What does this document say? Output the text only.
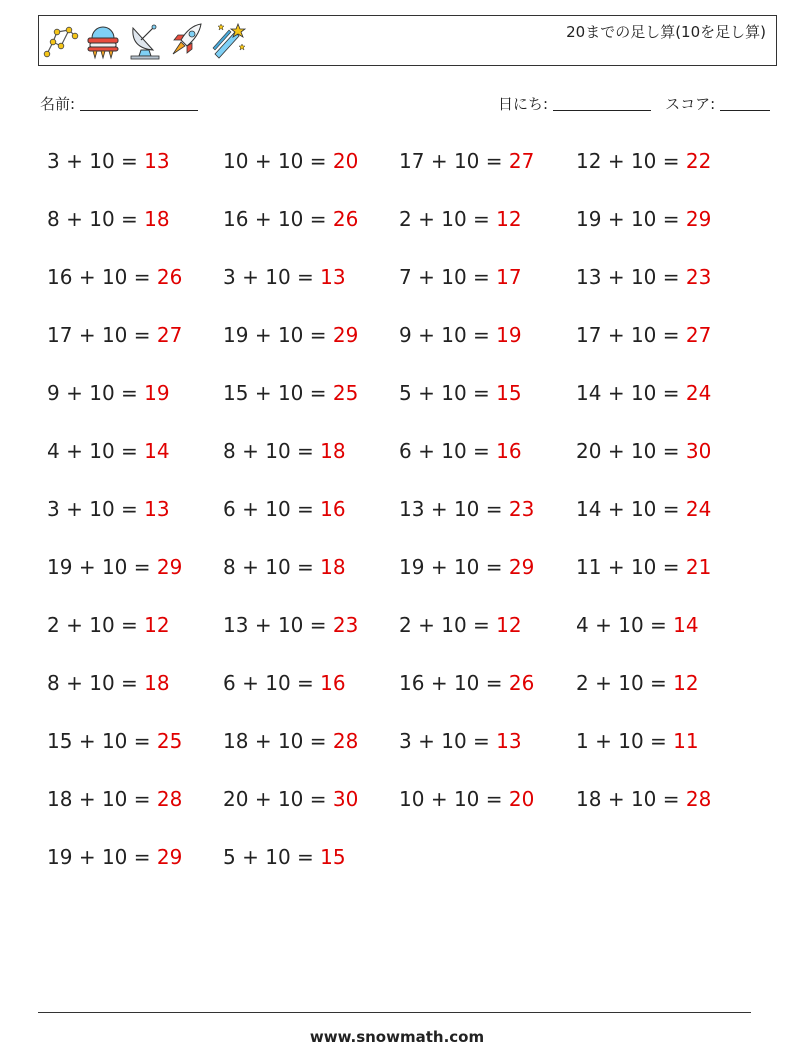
20までの足し算(10を足し算)
名前:	日にち:	スコア:
3 + 10 = 13	10 + 10 = 20	17 + 10 = 27	12 + 10 = 22
8 + 10 = 18	16 + 10 = 26	2 + 10 = 12	19 + 10 = 29
16 + 10 = 26	3 + 10 = 13	7 + 10 = 17	13 + 10 = 23
17 + 10 = 27	19 + 10 = 29	9 + 10 = 19	17 + 10 = 27
9 + 10 = 19	15 + 10 = 25	5 + 10 = 15	14 + 10 = 24
4 + 10 = 14	8 + 10 = 18	6 + 10 = 16	20 + 10 = 30
3 + 10 = 13	6 + 10 = 16	13 + 10 = 23	14 + 10 = 24
19 + 10 = 29	8 + 10 = 18	19 + 10 = 29	11 + 10 = 21
2 + 10 = 12	13 + 10 = 23	2 + 10 = 12	4 + 10 = 14
8 + 10 = 18	6 + 10 = 16	16 + 10 = 26	2 + 10 = 12
15 + 10 = 25	18 + 10 = 28	3 + 10 = 13	1 + 10 = 11
18 + 10 = 28	20 + 10 = 30	10 + 10 = 20	18 + 10 = 28
19 + 10 = 29	5 + 10 = 15
www.snowmath.com
